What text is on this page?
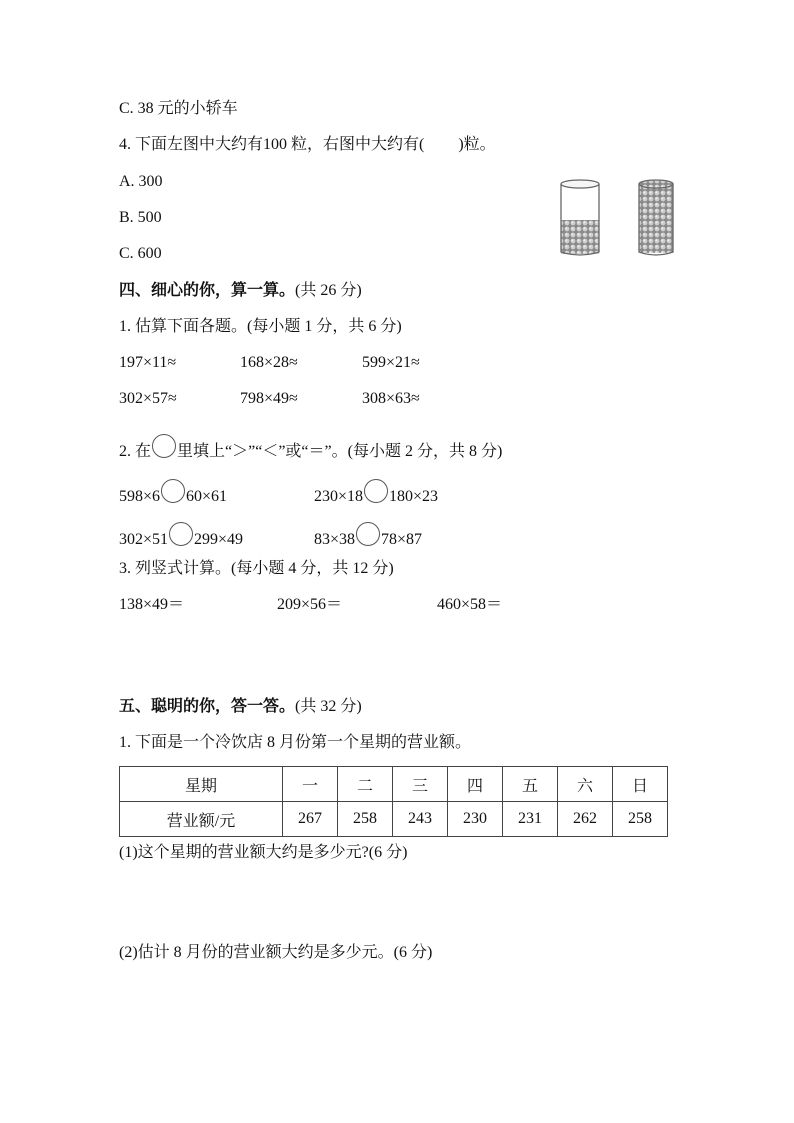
C. 38 元的小轿车
4. 下面左图中大约有100 粒，右图中大约有( )粒。
A. 300
B. 500
C. 600
四、细心的你，算一算。(共 26 分)
1. 估算下面各题。(每小题 1 分，共 6 分)
197×11≈	168×28≈	599×21≈
302×57≈	798×49≈	308×63≈
2. 在 里填上“＞”“＜”或“＝”。(每小题 2 分，共 8 分)
598×6 60×61	230×18 180×23
302×51 299×49	83×38 78×87
3. 列竖式计算。(每小题 4 分，共 12 分)
138×49＝	209×56＝	460×58＝
五、聪明的你，答一答。(共 32 分)
1. 下面是一个冷饮店 8 月份第一个星期的营业额。
星期	一	二	三	四	五	六	日
营业额/元	267	258	243	230	231	262	258
(1)这个星期的营业额大约是多少元?(6 分)
(2)估计 8 月份的营业额大约是多少元。(6 分)
